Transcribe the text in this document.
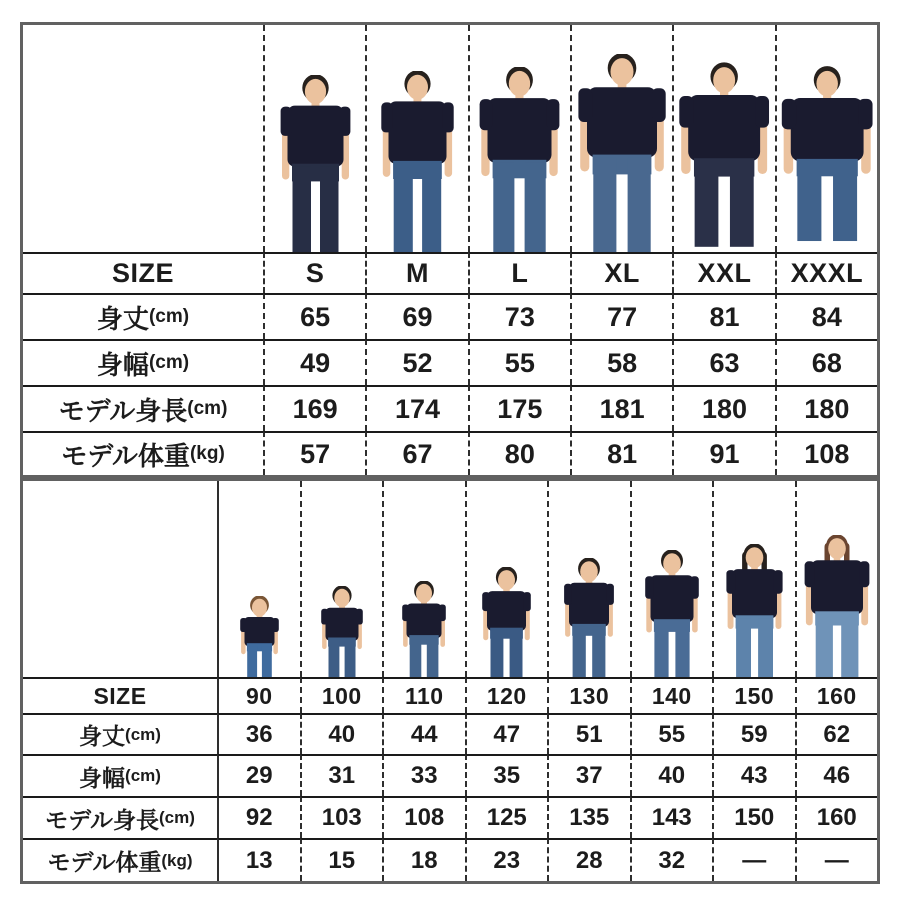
SIZE	S	M	L	XL XXL XXXL
身丈 (cm)	65	69	73	77	81	84
身幅 (cm)	49	52	55	58	63	68
モデル身長 (cm) 169 174 175 181 180 180
モデル体重 (kg)	57	67	80	81	91 108
SIZE	90 100 110 120 130 140 150 160
身丈 (cm)	36 40 44 47 51 55 59 62
身幅 (cm)	29 31 33 35 37 40 43 46
モデル身長 (cm) 92 103 108 125 135 143 150 160
モデル体重 (kg) 13 15 18 23 28 32 — —
